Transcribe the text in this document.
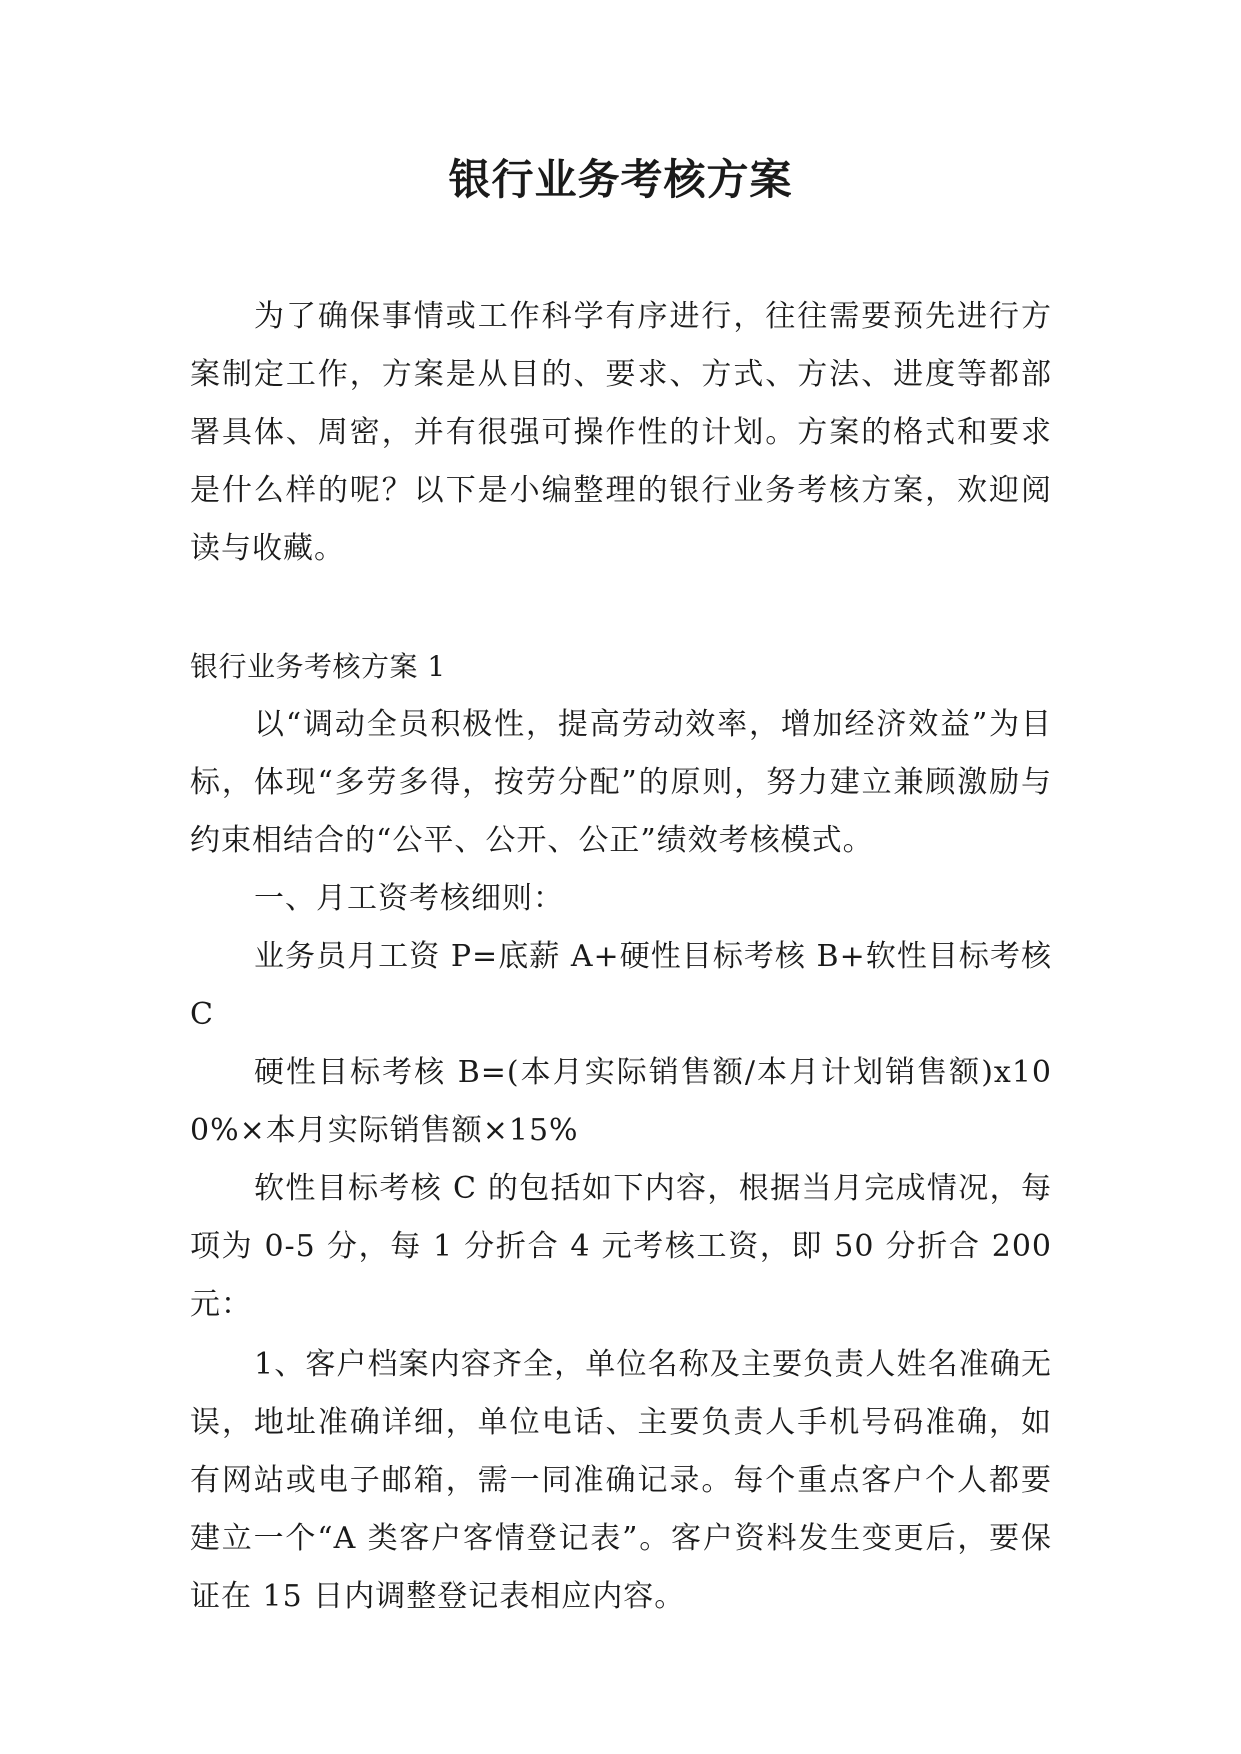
银行业务考核方案

为了确保事情或工作科学有序进行，往往需要预先进行方案制定工作，方案是从目的、要求、方式、方法、进度等都部署具体、周密，并有很强可操作性的计划。方案的格式和要求是什么样的呢？以下是小编整理的银行业务考核方案，欢迎阅读与收藏。

银行业务考核方案 1

以“调动全员积极性，提高劳动效率，增加经济效益”为目标，体现“多劳多得，按劳分配”的原则，努力建立兼顾激励与约束相结合的“公平、公开、公正”绩效考核模式。

一、月工资考核细则：

业务员月工资 P=底薪 A+硬性目标考核 B+软性目标考核 C

硬性目标考核 B=(本月实际销售额/本月计划销售额)x100%×本月实际销售额×15%

软性目标考核 C 的包括如下内容，根据当月完成情况，每项为 0-5 分，每 1 分折合 4 元考核工资，即 50 分折合 200 元：

1、客户档案内容齐全，单位名称及主要负责人姓名准确无误，地址准确详细，单位电话、主要负责人手机号码准确，如有网站或电子邮箱，需一同准确记录。每个重点客户个人都要建立一个“A 类客户客情登记表”。客户资料发生变更后，要保证在 15 日内调整登记表相应内容。
